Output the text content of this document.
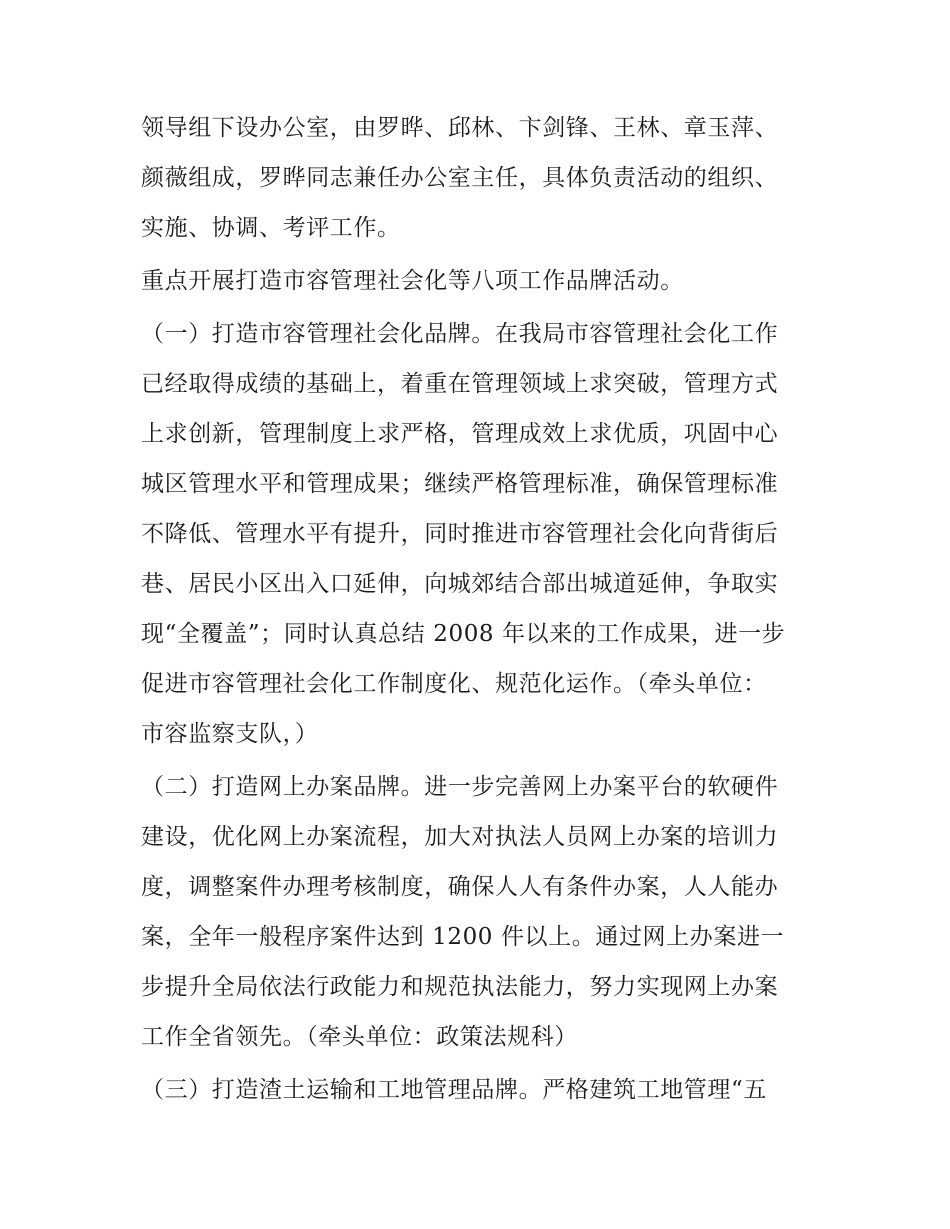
领导组下设办公室，由罗晔、邱林、卞剑锋、王林、章玉萍、
颜薇组成，罗晔同志兼任办公室主任，具体负责活动的组织、
实施、协调、考评工作。
重点开展打造市容管理社会化等八项工作品牌活动。
（一）打造市容管理社会化品牌。在我局市容管理社会化工作
已经取得成绩的基础上，着重在管理领域上求突破，管理方式
上求创新，管理制度上求严格，管理成效上求优质，巩固中心
城区管理水平和管理成果；继续严格管理标准，确保管理标准
不降低、管理水平有提升，同时推进市容管理社会化向背街后
巷、居民小区出入口延伸，向城郊结合部出城道延伸，争取实
现“全覆盖”；同时认真总结 2008 年以来的工作成果，进一步
促进市容管理社会化工作制度化、规范化运作。（牵头单位：
市容监察支队，）
（二）打造网上办案品牌。进一步完善网上办案平台的软硬件
建设，优化网上办案流程，加大对执法人员网上办案的培训力
度，调整案件办理考核制度，确保人人有条件办案，人人能办
案，全年一般程序案件达到 1200 件以上。通过网上办案进一
步提升全局依法行政能力和规范执法能力，努力实现网上办案
工作全省领先。（牵头单位：政策法规科）
（三）打造渣土运输和工地管理品牌。严格建筑工地管理“五
